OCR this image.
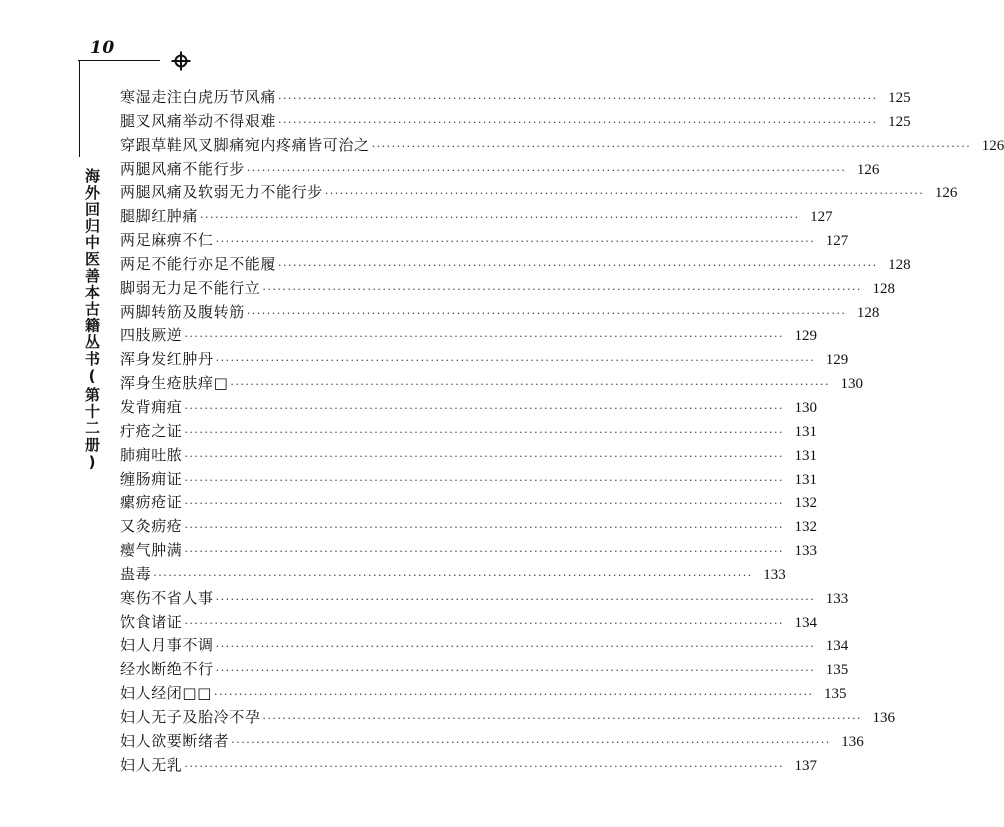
10
海外回归中医善本古籍丛书(第十二册)
寒湿走注白虎历节风痛 ························································································································ 125
腿叉风痛举动不得艰难 ························································································································ 125
穿跟草鞋风叉脚痛宛内疼痛皆可治之 ························································································································ 126
两腿风痛不能行步 ························································································································ 126
两腿风痛及软弱无力不能行步 ························································································································ 126
腿脚红肿痛 ························································································································ 127
两足麻痹不仁 ························································································································ 127
两足不能行亦足不能履 ························································································································ 128
脚弱无力足不能行立 ························································································································ 128
两脚转筋及腹转筋 ························································································································ 128
四肢厥逆 ························································································································ 129
浑身发红肿丹 ························································································································ 129
浑身生疮肤痒□ ························································································································ 130
发背痈疽 ························································································································ 130
疔疮之证 ························································································································ 131
肺痈吐脓 ························································································································ 131
缠肠痈证 ························································································································ 131
瘰疬疮证 ························································································································ 132
又灸疬疮 ························································································································ 132
瘿气肿满 ························································································································ 133
蛊毒 ························································································································ 133
寒伤不省人事 ························································································································ 133
饮食诸证 ························································································································ 134
妇人月事不调 ························································································································ 134
经水断绝不行 ························································································································ 135
妇人经闭□□ ························································································································ 135
妇人无子及胎冷不孕 ························································································································ 136
妇人欲要断绪者 ························································································································ 136
妇人无乳 ························································································································ 137
